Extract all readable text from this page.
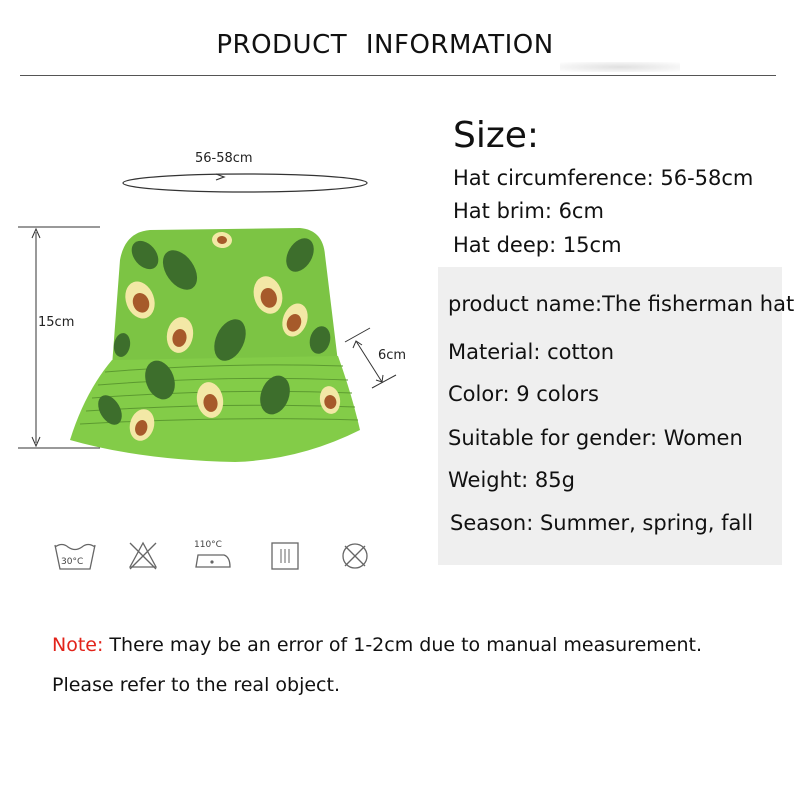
PRODUCT INFORMATION
56-58cm
15cm
6cm
30°C
110°C
Size:
Hat circumference: 56-58cm
Hat brim: 6cm
Hat deep: 15cm
product name:The fisherman hat
Material: cotton
Color: 9 colors
Suitable for gender: Women
Weight: 85g
Season: Summer, spring, fall
Note: There may be an error of 1-2cm due to manual measurement.
Please refer to the real object.
